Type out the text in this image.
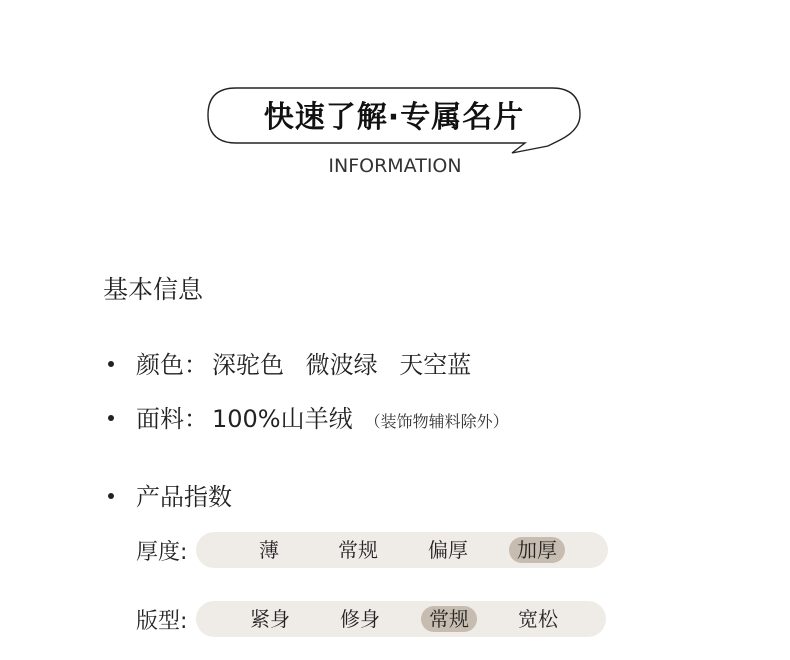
快速了解·专属名片
INFORMATION
基本信息
颜色： 深驼色 微波绿 天空蓝
面料： 100%山羊绒 （装饰物辅料除外）
产品指数
厚度:	薄	常规	偏厚	加厚
版型:	紧身	修身	常规	宽松
